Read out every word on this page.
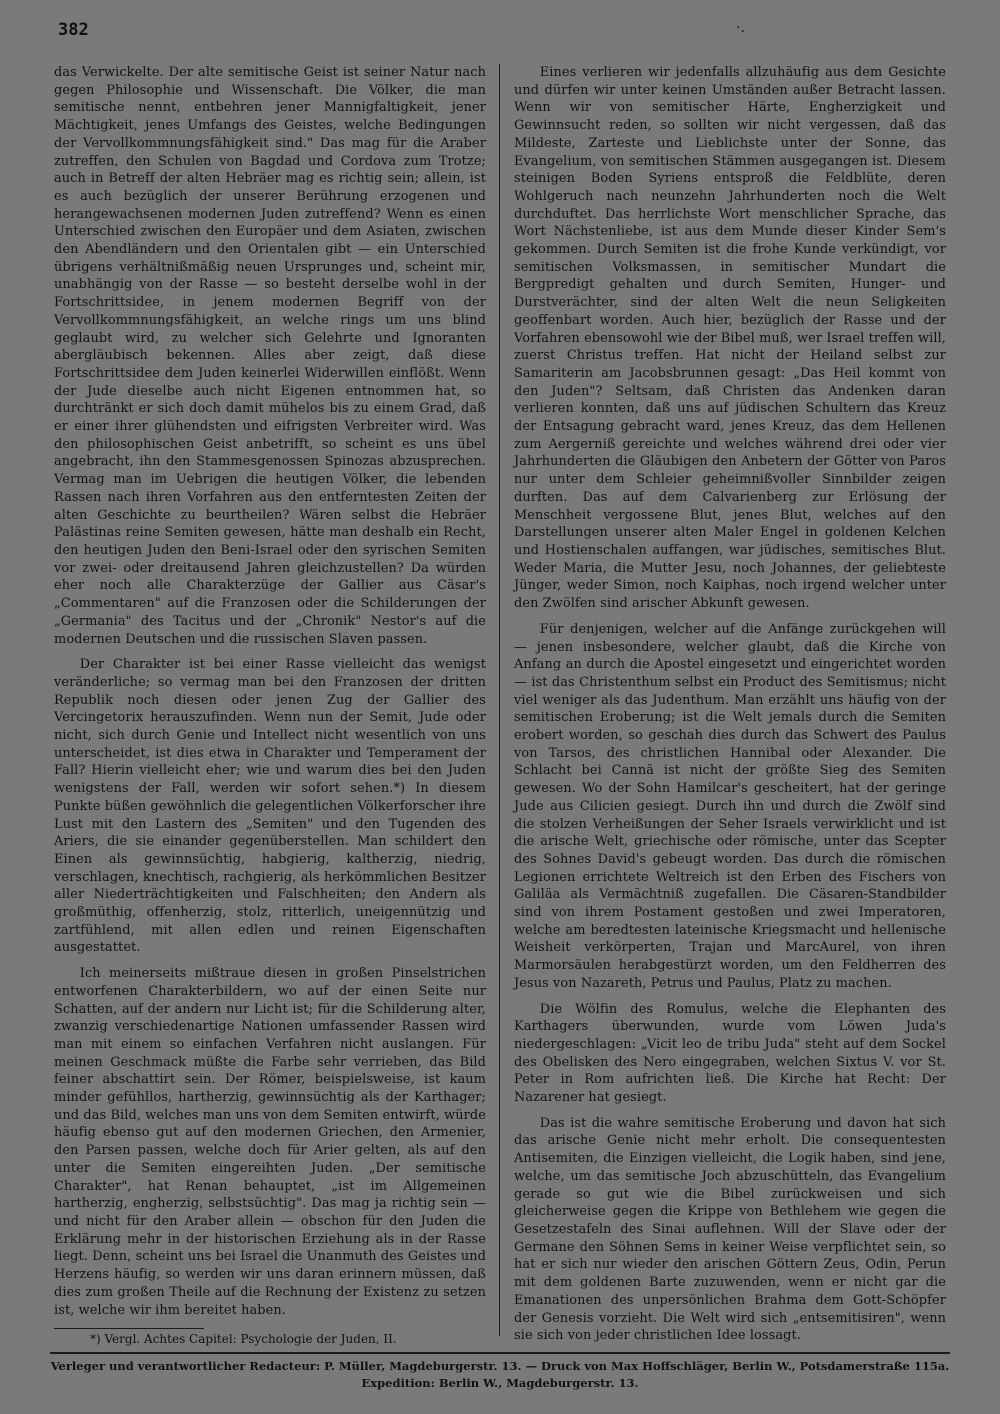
382	·.

das Verwickelte. Der alte semitische Geist ist seiner Natur nach gegen Philosophie und Wissenschaft. Die Völker, die man semitische nennt, entbehren jener Mannigfaltigkeit, jener Mächtigkeit, jenes Umfangs des Geistes, welche Bedingungen der Vervollkommnungsfähigkeit sind." Das mag für die Araber zutreffen, den Schulen von Bagdad und Cordova zum Trotze; auch in Betreff der alten Hebräer mag es richtig sein; allein, ist es auch bezüglich der unserer Berührung erzogenen und herangewachsenen modernen Juden zutreffend? Wenn es einen Unterschied zwischen den Europäer und dem Asiaten, zwischen den Abendländern und den Orientalen gibt — ein Unterschied übrigens verhältnißmäßig neuen Ursprunges und, scheint mir, unabhängig von der Rasse — so besteht derselbe wohl in der Fortschrittsidee, in jenem modernen Begriff von der Vervollkommnungsfähigkeit, an welche rings um uns blind geglaubt wird, zu welcher sich Gelehrte und Ignoranten abergläubisch bekennen. Alles aber zeigt, daß diese Fortschrittsidee dem Juden keinerlei Widerwillen einflößt. Wenn der Jude dieselbe auch nicht Eigenen entnommen hat, so durchtränkt er sich doch damit mühelos bis zu einem Grad, daß er einer ihrer glühendsten und eifrigsten Verbreiter wird. Was den philosophischen Geist anbetrifft, so scheint es uns übel angebracht, ihn den Stammesgenossen Spinozas abzusprechen. Vermag man im Uebrigen die heutigen Völker, die lebenden Rassen nach ihren Vorfahren aus den entferntesten Zeiten der alten Geschichte zu beurtheilen? Wären selbst die Hebräer Palästinas reine Semiten gewesen, hätte man deshalb ein Recht, den heutigen Juden den Beni-Israel oder den syrischen Semiten vor zwei- oder dreitausend Jahren gleichzustellen? Da würden eher noch alle Charakterzüge der Gallier aus Cäsar's „Commentaren" auf die Franzosen oder die Schilderungen der „Germania" des Tacitus und der „Chronik" Nestor's auf die modernen Deutschen und die russischen Slaven passen.

Der Charakter ist bei einer Rasse vielleicht das wenigst veränderliche; so vermag man bei den Franzosen der dritten Republik noch diesen oder jenen Zug der Gallier des Vercingetorix herauszufinden. Wenn nun der Semit, Jude oder nicht, sich durch Genie und Intellect nicht wesentlich von uns unterscheidet, ist dies etwa in Charakter und Temperament der Fall? Hierin vielleicht eher; wie und warum dies bei den Juden wenigstens der Fall, werden wir sofort sehen.*) In diesem Punkte büßen gewöhnlich die gelegentlichen Völkerforscher ihre Lust mit den Lastern des „Semiten" und den Tugenden des Ariers, die sie einander gegenüberstellen. Man schildert den Einen als gewinnsüchtig, habgierig, kaltherzig, niedrig, verschlagen, knechtisch, rachgierig, als herkömmlichen Besitzer aller Niederträchtigkeiten und Falschheiten; den Andern als großmüthig, offenherzig, stolz, ritterlich, uneigennützig und zartfühlend, mit allen edlen und reinen Eigenschaften ausgestattet.

Ich meinerseits mißtraue diesen in großen Pinselstrichen entworfenen Charakterbildern, wo auf der einen Seite nur Schatten, auf der andern nur Licht ist; für die Schilderung alter, zwanzig verschiedenartige Nationen umfassender Rassen wird man mit einem so einfachen Verfahren nicht auslangen. Für meinen Geschmack müßte die Farbe sehr verrieben, das Bild feiner abschattirt sein. Der Römer, beispielsweise, ist kaum minder gefühllos, hartherzig, gewinnsüchtig als der Karthager; und das Bild, welches man uns von dem Semiten entwirft, würde häufig ebenso gut auf den modernen Griechen, den Armenier, den Parsen passen, welche doch für Arier gelten, als auf den unter die Semiten eingereihten Juden. „Der semitische Charakter", hat Renan behauptet, „ist im Allgemeinen hartherzig, engherzig, selbstsüchtig". Das mag ja richtig sein — und nicht für den Araber allein — obschon für den Juden die Erklärung mehr in der historischen Erziehung als in der Rasse liegt. Denn, scheint uns bei Israel die Unanmuth des Geistes und Herzens häufig, so werden wir uns daran erinnern müssen, daß dies zum großen Theile auf die Rechnung der Existenz zu setzen ist, welche wir ihm bereitet haben.

Eines verlieren wir jedenfalls allzuhäufig aus dem Gesichte und dürfen wir unter keinen Umständen außer Betracht lassen. Wenn wir von semitischer Härte, Engherzigkeit und Gewinnsucht reden, so sollten wir nicht vergessen, daß das Mildeste, Zarteste und Lieblichste unter der Sonne, das Evangelium, von semitischen Stämmen ausgegangen ist. Diesem steinigen Boden Syriens entsproß die Feldblüte, deren Wohlgeruch nach neunzehn Jahrhunderten noch die Welt durchduftet. Das herrlichste Wort menschlicher Sprache, das Wort Nächstenliebe, ist aus dem Munde dieser Kinder Sem's gekommen. Durch Semiten ist die frohe Kunde verkündigt, vor semitischen Volksmassen, in semitischer Mundart die Bergpredigt gehalten und durch Semiten, Hunger- und Durstverächter, sind der alten Welt die neun Seligkeiten geoffenbart worden. Auch hier, bezüglich der Rasse und der Vorfahren ebensowohl wie der Bibel muß, wer Israel treffen will, zuerst Christus treffen. Hat nicht der Heiland selbst zur Samariterin am Jacobsbrunnen gesagt: „Das Heil kommt von den Juden"? Seltsam, daß Christen das Andenken daran verlieren konnten, daß uns auf jüdischen Schultern das Kreuz der Entsagung gebracht ward, jenes Kreuz, das dem Hellenen zum Aergerniß gereichte und welches während drei oder vier Jahrhunderten die Gläubigen den Anbetern der Götter von Paros nur unter dem Schleier geheimnißvoller Sinnbilder zeigen durften. Das auf dem Calvarienberg zur Erlösung der Menschheit vergossene Blut, jenes Blut, welches auf den Darstellungen unserer alten Maler Engel in goldenen Kelchen und Hostienschalen auffangen, war jüdisches, semitisches Blut. Weder Maria, die Mutter Jesu, noch Johannes, der geliebteste Jünger, weder Simon, noch Kaiphas, noch irgend welcher unter den Zwölfen sind arischer Abkunft gewesen.

Für denjenigen, welcher auf die Anfänge zurückgehen will — jenen insbesondere, welcher glaubt, daß die Kirche von Anfang an durch die Apostel eingesetzt und eingerichtet worden — ist das Christenthum selbst ein Product des Semitismus; nicht viel weniger als das Judenthum. Man erzählt uns häufig von der semitischen Eroberung; ist die Welt jemals durch die Semiten erobert worden, so geschah dies durch das Schwert des Paulus von Tarsos, des christlichen Hannibal oder Alexander. Die Schlacht bei Cannä ist nicht der größte Sieg des Semiten gewesen. Wo der Sohn Hamilcar's gescheitert, hat der geringe Jude aus Cilicien gesiegt. Durch ihn und durch die Zwölf sind die stolzen Verheißungen der Seher Israels verwirklicht und ist die arische Welt, griechische oder römische, unter das Scepter des Sohnes David's gebeugt worden. Das durch die römischen Legionen errichtete Weltreich ist den Erben des Fischers von Galiläa als Vermächtniß zugefallen. Die Cäsaren-Standbilder sind von ihrem Postament gestoßen und zwei Imperatoren, welche am beredtesten lateinische Kriegsmacht und hellenische Weisheit verkörperten, Trajan und MarcAurel, von ihren Marmorsäulen herabgestürzt worden, um den Feldherren des Jesus von Nazareth, Petrus und Paulus, Platz zu machen.

Die Wölfin des Romulus, welche die Elephanten des Karthagers überwunden, wurde vom Löwen Juda's niedergeschlagen: „Vicit leo de tribu Juda" steht auf dem Sockel des Obelisken des Nero eingegraben, welchen Sixtus V. vor St. Peter in Rom aufrichten ließ. Die Kirche hat Recht: Der Nazarener hat gesiegt.

Das ist die wahre semitische Eroberung und davon hat sich das arische Genie nicht mehr erholt. Die consequentesten Antisemiten, die Einzigen vielleicht, die Logik haben, sind jene, welche, um das semitische Joch abzuschütteln, das Evangelium gerade so gut wie die Bibel zurückweisen und sich gleicherweise gegen die Krippe von Bethlehem wie gegen die Gesetzestafeln des Sinai auflehnen. Will der Slave oder der Germane den Söhnen Sems in keiner Weise verpflichtet sein, so hat er sich nur wieder den arischen Göttern Zeus, Odin, Perun mit dem goldenen Barte zuzuwenden, wenn er nicht gar die Emanationen des unpersönlichen Brahma dem Gott-Schöpfer der Genesis vorzieht. Die Welt wird sich „entsemitisiren", wenn sie sich von jeder christlichen Idee lossagt.

*) Vergl. Achtes Capitel: Psychologie der Juden, II.
Verleger und verantwortlicher Redacteur: P. Müller, Magdeburgerstr. 13. — Druck von Max Hoffschläger, Berlin W., Potsdamerstraße 115a.
Expedition: Berlin W., Magdeburgerstr. 13.
